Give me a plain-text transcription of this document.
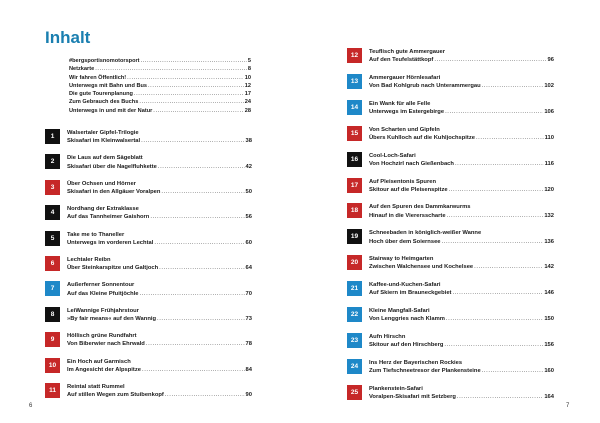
Inhalt
#bergsportisnomotorsport .....	5
Netzkarte .....	8
Wir fahren Öffentlich! .....	10
Unterwegs mit Bahn und Bus .....	12
Die gute Tourenplanung .....	17
Zum Gebrauch des Buchs .....	24
Unterwegs in und mit der Natur .....	28
1	Walsertaler Gipfel-Trilogie
Skisafari im Kleinwalsertal .....	38
2	Die Laus auf dem Sägeblatt
Skisafari über die Nagelfluhkette .....	42
3	Über Ochsen und Hörner
Skisafari in den Allgäuer Voralpen .....	50
4	Nordhang der Extraklasse
Auf das Tannheimer Gaishorn .....	56
5	Take me to Thaneller
Unterwegs im vorderen Lechtal .....	60
6	Lechtaler Reibn
Über Steinkarspitze und Galtjoch .....	64
7	Außerferner Sonnentour
Auf das Kleine Pfuitjöchle .....	70
8	LeiWannige Frühjahrstour
»By fair means« auf den Wannig .....	73
9	Höllisch grüne Rundfahrt
Von Biberwier nach Ehrwald .....	78
10	Ein Hoch auf Garmisch
Im Angesicht der Alpspitze .....	84
11	Reintal statt Rummel
Auf stillen Wegen zum Stuibenkopf .....	90
12	Teuflisch gute Ammergauer
Auf den Teufelstättkopf .....	96
13	Ammergauer Hörnlesafari
Von Bad Kohlgrub nach Unterammergau .....	102
14	Ein Wank für alle Felle
Unterwegs im Estergebirge .....	106
15	Von Scharten und Gipfeln
Übers Kuhlloch auf die Kuhljochspitze .....	110
16	Cool-Loch-Safari
Von Hochzirl nach Gießenbach .....	116
17	Auf Pleisentonis Spuren
Skitour auf die Pleisenspitze .....	120
18	Auf den Spuren des Dammkarwurms
Hinauf in die Vierersscharte .....	132
19	Schneebaden in königlich-weißer Wanne
Hoch über dem Soiernsee .....	136
20	Stairway to Heimgarten
Zwischen Walchensee und Kochelsee .....	142
21	Kaffee-und-Kuchen-Safari
Auf Skiern im Brauneckgebiet .....	146
22	Kleine Mangfall-Safari
Von Lenggries nach Klamm .....	150
23	Aufn Hirschn
Skitour auf den Hirschberg .....	156
24	Ins Herz der Bayerischen Rockies
Zum Tiefschneetresor der Plankensteine .....	160
25	Plankenstein-Safari
Voralpen-Skisafari mit Setzberg .....	164
6	7
